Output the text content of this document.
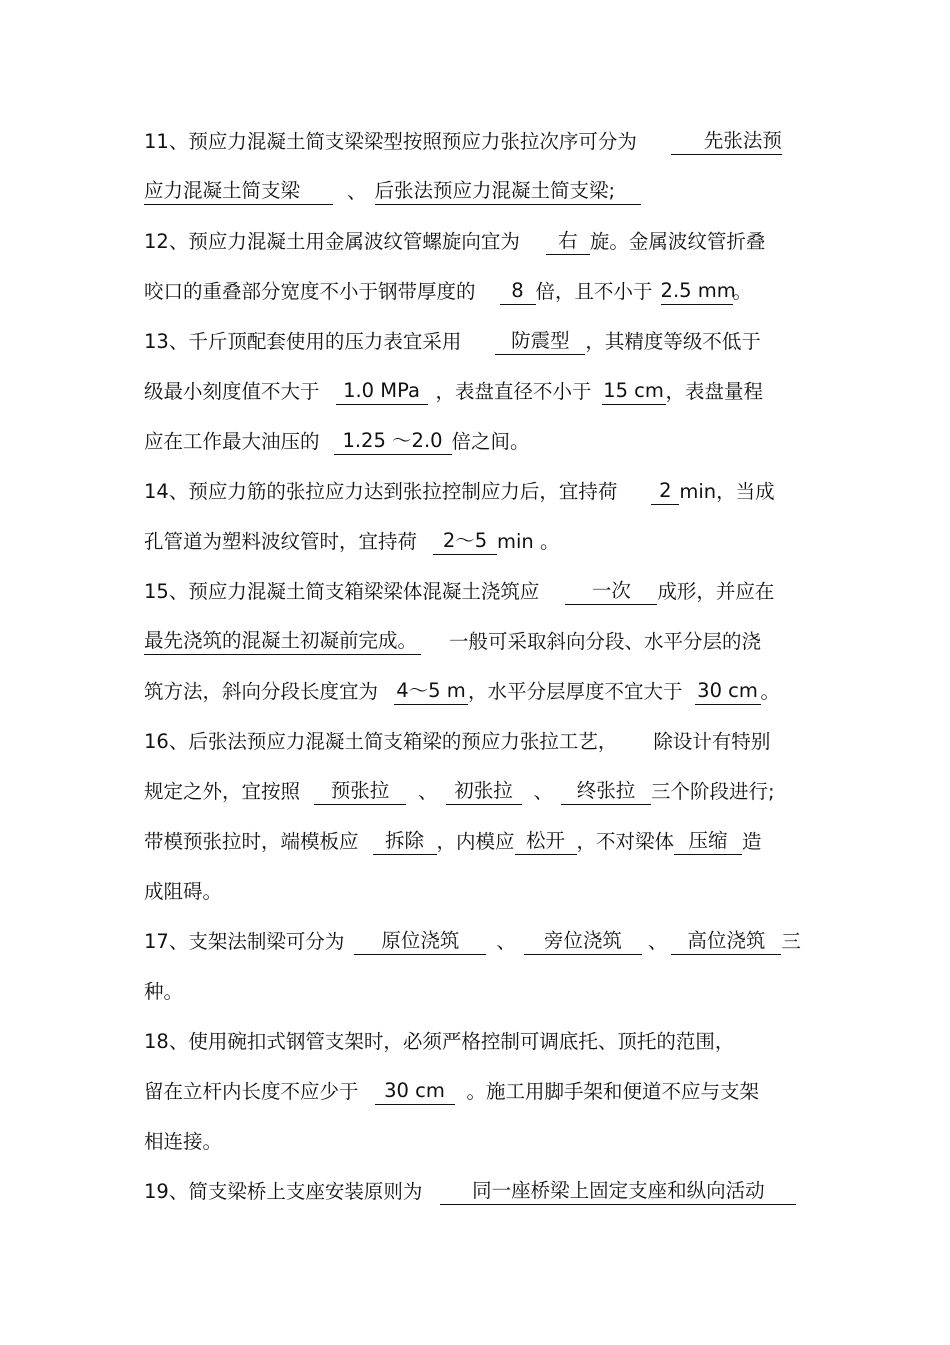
11、预应力混凝土简支梁梁型按照预应力张拉次序可分为	先张法预
应力混凝土简支梁	、 后张法预应力混凝土简支梁;
12、预应力混凝土用金属波纹管螺旋向宜为	右 旋。金属波纹管折叠
咬口的重叠部分宽度不小于钢带厚度的	8 倍，且不小于 2.5 mm
。
13、千斤顶配套使用的压力表宜采用	防震型 ，其精度等级不低于
级最小刻度值不大于	1.0 MPa ，表盘直径不小于 15 cm ，表盘量程
应在工作最大油压的	1.25 ～2.0 倍之间。
14、预应力筋的张拉应力达到张拉控制应力后，宜持荷	2 min，当成
孔管道为塑料波纹管时，宜持荷	2～5 min 。
15、预应力混凝土简支箱梁梁体混凝土浇筑应	一次	成形，并应在
最先浇筑的混凝土初凝前完成。 一般可采取斜向分段、水平分层的浇
筑方法，斜向分段长度宜为 4～5 m ，水平分层厚度不宜大于 30 cm 。
16、后张法预应力混凝土简支箱梁的预应力张拉工艺， 除设计有特别
规定之外，宜按照	预张拉	、 初张拉	、	终张拉 三个阶段进行;
带模预张拉时，端模板应	拆除 ，内模应 松开 ，不对梁体 压缩 造
成阻碍。
17、支架法制梁可分为	原位浇筑	、	旁位浇筑	、	高位浇筑 三
种。
18、使用碗扣式钢管支架时，必须严格控制可调底托、顶托的范围，
留在立杆内长度不应少于	30 cm	。施工用脚手架和便道不应与支架
相连接。
19、简支梁桥上支座安装原则为	同一座桥梁上固定支座和纵向活动
